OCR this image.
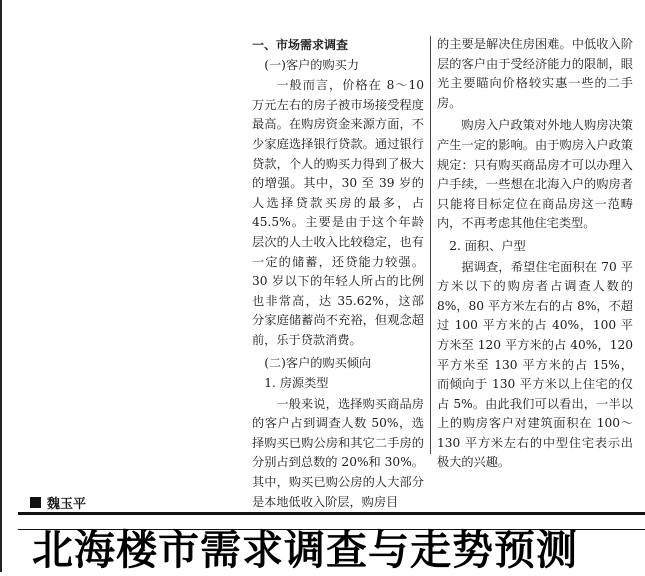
一、市场需求调查

(一)客户的购买力

一般而言，价格在 8～10 万元左右的房子被市场接受程度最高。在购房资金来源方面，不少家庭选择银行贷款。通过银行贷款，个人的购买力得到了极大的增强。其中，30 至 39 岁的人选择贷款买房的最多，占 45.5%。主要是由于这个年龄层次的人士收入比较稳定，也有一定的储蓄，还贷能力较强。30 岁以下的年轻人所占的比例也非常高，达 35.62%，这部分家庭储蓄尚不充裕，但观念超前，乐于贷款消费。

(二)客户的购买倾向

1. 房源类型

一般来说，选择购买商品房的客户占到调查人数 50%，选择购买已购公房和其它二手房的分别占到总数的 20%和 30%。其中，购买已购公房的人大部分是本地低收入阶层，购房目

的主要是解决住房困难。中低收入阶层的客户由于受经济能力的限制，眼光主要瞄向价格较实惠一些的二手房。

购房入户政策对外地人购房决策产生一定的影响。由于购房入户政策规定：只有购买商品房才可以办理入户手续，一些想在北海入户的购房者只能将目标定位在商品房这一范畴内，不再考虑其他住宅类型。

2. 面积、户型

据调查，希望住宅面积在 70 平方米以下的购房者占调查人数的 8%，80 平方米左右的占 8%，不超过 100 平方米的占 40%，100 平方米至 120 平方米的占 40%，120 平方米至 130 平方米的占 15%，而倾向于 130 平方米以上住宅的仅占 5%。由此我们可以看出，一半以上的购房客户对建筑面积在 100～130 平方米左右的中型住宅表示出极大的兴趣。

魏玉平
北海楼市需求调查与走势预测
